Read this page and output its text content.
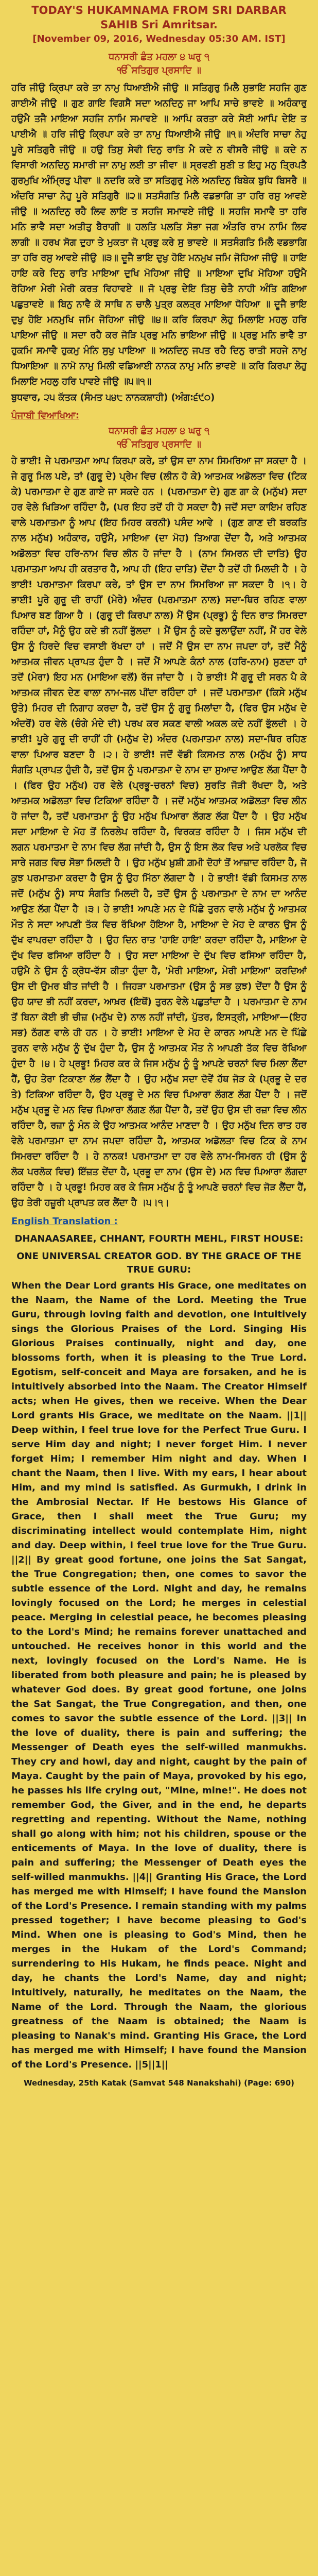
TODAY'S HUKAMNAMA FROM SRI DARBAR SAHIB Sri Amritsar.

[November 09, 2016, Wednesday 05:30 AM. IST]

ਧਨਾਸਰੀ ਛੰਤ ਮਹਲਾ ੪ ਘਰੁ ੧

ੴ ਸਤਿਗੁਰ ਪ੍ਰਸਾਦਿ ॥

ਹਰਿ ਜੀਉ ਕ੍ਰਿਪਾ ਕਰੇ ਤਾ ਨਾਮੁ ਧਿਆਈਐ ਜੀਉ ॥ ਸਤਿਗੁਰੁ ਮਿਲੈ ਸੁਭਾਇ ਸਹਜਿ ਗੁਣ ਗਾਈਐ ਜੀਉ ॥ ਗੁਣ ਗਾਇ ਵਿਗਸੈ ਸਦਾ ਅਨਦਿਨੁ ਜਾ ਆਪਿ ਸਾਚੇ ਭਾਵਏ ॥ ਅਹੰਕਾਰੁ ਹਉਮੈ ਤਜੈ ਮਾਇਆ ਸਹਜਿ ਨਾਮਿ ਸਮਾਵਏ ॥ ਆਪਿ ਕਰਤਾ ਕਰੇ ਸੋਈ ਆਪਿ ਦੇਇ ਤ ਪਾਈਐ ॥ ਹਰਿ ਜੀਉ ਕ੍ਰਿਪਾ ਕਰੇ ਤਾ ਨਾਮੁ ਧਿਆਈਐ ਜੀਉ ॥੧॥ ਅੰਦਰਿ ਸਾਚਾ ਨੇਹੁ ਪੂਰੇ ਸਤਿਗੁਰੈ ਜੀਉ ॥ ਹਉ ਤਿਸੁ ਸੇਵੀ ਦਿਨੁ ਰਾਤਿ ਮੈ ਕਦੇ ਨ ਵੀਸਰੈ ਜੀਉ ॥ ਕਦੇ ਨ ਵਿਸਾਰੀ ਅਨਦਿਨੁ ਸਮਾਰੀ ਜਾ ਨਾਮੁ ਲਈ ਤਾ ਜੀਵਾ ॥ ਸ੍ਰਵਣੀ ਸੁਣੀ ਤ ਇਹੁ ਮਨੁ ਤ੍ਰਿਪਤੈ ਗੁਰਮੁਖਿ ਅੰਮ੍ਰਿਤੁ ਪੀਵਾ ॥ ਨਦਰਿ ਕਰੇ ਤਾ ਸਤਿਗੁਰੁ ਮੇਲੇ ਅਨਦਿਨੁ ਬਿਬੇਕ ਬੁਧਿ ਬਿਸਰੈ ॥ ਅੰਦਰਿ ਸਾਚਾ ਨੇਹੁ ਪੂਰੇ ਸਤਿਗੁਰੈ ॥੨॥ ਸਤਸੰਗਤਿ ਮਿਲੈ ਵਡਭਾਗਿ ਤਾ ਹਰਿ ਰਸੁ ਆਵਏ ਜੀਉ ॥ ਅਨਦਿਨੁ ਰਹੈ ਲਿਵ ਲਾਇ ਤ ਸਹਜਿ ਸਮਾਵਏ ਜੀਉ ॥ ਸਹਜਿ ਸਮਾਵੈ ਤਾ ਹਰਿ ਮਨਿ ਭਾਵੈ ਸਦਾ ਅਤੀਤੁ ਬੈਰਾਗੀ ॥ ਹਲਤਿ ਪਲਤਿ ਸੋਭਾ ਜਗ ਅੰਤਰਿ ਰਾਮ ਨਾਮਿ ਲਿਵ ਲਾਗੀ ॥ ਹਰਖ ਸੋਗ ਦੁਹਾ ਤੇ ਮੁਕਤਾ ਜੋ ਪ੍ਰਭੁ ਕਰੇ ਸੁ ਭਾਵਏ ॥ ਸਤਸੰਗਤਿ ਮਿਲੈ ਵਡਭਾਗਿ ਤਾ ਹਰਿ ਰਸੁ ਆਵਏ ਜੀਉ ॥੩॥ ਦੂਜੈ ਭਾਇ ਦੁਖੁ ਹੋਇ ਮਨਮੁਖ ਜਮਿ ਜੋਹਿਆ ਜੀਉ ॥ ਹਾਇ ਹਾਇ ਕਰੇ ਦਿਨੁ ਰਾਤਿ ਮਾਇਆ ਦੁਖਿ ਮੋਹਿਆ ਜੀਉ ॥ ਮਾਇਆ ਦੁਖਿ ਮੋਹਿਆ ਹਉਮੈ ਰੋਹਿਆ ਮੇਰੀ ਮੇਰੀ ਕਰਤ ਵਿਹਾਵਏ ॥ ਜੋ ਪ੍ਰਭੁ ਦੇਇ ਤਿਸੁ ਚੇਤੈ ਨਾਹੀ ਅੰਤਿ ਗਇਆ ਪਛੁਤਾਵਏ ॥ ਬਿਨੁ ਨਾਵੈ ਕੋ ਸਾਥਿ ਨ ਚਾਲੈ ਪੁਤ੍ਰ ਕਲਤ੍ਰ ਮਾਇਆ ਧੋਹਿਆ ॥ ਦੂਜੈ ਭਾਇ ਦੁਖੁ ਹੋਇ ਮਨਮੁਖਿ ਜਮਿ ਜੋਹਿਆ ਜੀਉ ॥੪॥ ਕਰਿ ਕਿਰਪਾ ਲੇਹੁ ਮਿਲਾਇ ਮਹਲੁ ਹਰਿ ਪਾਇਆ ਜੀਉ ॥ ਸਦਾ ਰਹੈ ਕਰ ਜੋੜਿ ਪ੍ਰਭੁ ਮਨਿ ਭਾਇਆ ਜੀਉ ॥ ਪ੍ਰਭੁ ਮਨਿ ਭਾਵੈ ਤਾ ਹੁਕਮਿ ਸਮਾਵੈ ਹੁਕਮੁ ਮੰਨਿ ਸੁਖੁ ਪਾਇਆ ॥ ਅਨਦਿਨੁ ਜਪਤ ਰਹੈ ਦਿਨੁ ਰਾਤੀ ਸਹਜੇ ਨਾਮੁ ਧਿਆਇਆ ॥ ਨਾਮੋ ਨਾਮੁ ਮਿਲੀ ਵਡਿਆਈ ਨਾਨਕ ਨਾਮੁ ਮਨਿ ਭਾਵਏ ॥ ਕਰਿ ਕਿਰਪਾ ਲੇਹੁ ਮਿਲਾਇ ਮਹਲੁ ਹਰਿ ਪਾਵਏ ਜੀਉ ॥੫॥੧॥

ਬੁਧਵਾਰ, ੨੫ ਕੱਤਕ (ਸੰਮਤ ੫੪੮ ਨਾਨਕਸ਼ਾਹੀ) (ਅੰਗ:੬੯੦)

ਪੰਜਾਬੀ ਵਿਆਖਿਆ:

ਧਨਾਸਰੀ ਛੰਤ ਮਹਲਾ ੪ ਘਰੁ ੧

ੴ ਸਤਿਗੁਰ ਪ੍ਰਸਾਦਿ ॥

ਹੇ ਭਾਈ! ਜੇ ਪਰਮਾਤਮਾ ਆਪ ਕਿਰਪਾ ਕਰੇ, ਤਾਂ ਉਸ ਦਾ ਨਾਮ ਸਿਮਰਿਆ ਜਾ ਸਕਦਾ ਹੈ । ਜੇ ਗੁਰੂ ਮਿਲ ਪਏ, ਤਾਂ (ਗੁਰੂ ਦੇ) ਪ੍ਰੇਮ ਵਿਚ (ਲੀਨ ਹੋ ਕੇ) ਆਤਮਕ ਅਡੋਲਤਾ ਵਿਚ (ਟਿਕ ਕੇ) ਪਰਮਾਤਮਾ ਦੇ ਗੁਣ ਗਾਏ ਜਾ ਸਕਦੇ ਹਨ । (ਪਰਮਾਤਮਾ ਦੇ) ਗੁਣ ਗਾ ਕੇ (ਮਨੁੱਖ) ਸਦਾ ਹਰ ਵੇਲੇ ਖਿੜਿਆ ਰਹਿੰਦਾ ਹੈ, (ਪਰ ਇਹ ਤਦੋਂ ਹੀ ਹੋ ਸਕਦਾ ਹੈ) ਜਦੋਂ ਸਦਾ ਕਾਇਮ ਰਹਿਣ ਵਾਲੇ ਪਰਮਾਤਮਾ ਨੂੰ ਆਪ (ਇਹ ਮਿਹਰ ਕਰਨੀ) ਪਸੰਦ ਆਵੇ । (ਗੁਣ ਗਾਣ ਦੀ ਬਰਕਤਿ ਨਾਲ ਮਨੁੱਖ) ਅਹੰਕਾਰ, ਹਉਮੈ, ਮਾਇਆ (ਦਾ ਮੋਹ) ਤਿਆਗ ਦੇਂਦਾ ਹੈ, ਅਤੇ ਆਤਮਕ ਅਡੋਲਤਾ ਵਿਚ ਹਰਿ-ਨਾਮ ਵਿਚ ਲੀਨ ਹੋ ਜਾਂਦਾ ਹੈ । (ਨਾਮ ਸਿਮਰਨ ਦੀ ਦਾਤਿ) ਉਹ ਪਰਮਾਤਮਾ ਆਪ ਹੀ ਕਰਤਾਰ ਹੈ, ਆਪ ਹੀ (ਇਹ ਦਾਤਿ) ਦੇਂਦਾ ਹੈ ਤਦੋਂ ਹੀ ਮਿਲਦੀ ਹੈ । ਹੇ ਭਾਈ! ਪਰਮਾਤਮਾ ਕਿਰਪਾ ਕਰੇ, ਤਾਂ ਉਸ ਦਾ ਨਾਮ ਸਿਮਰਿਆ ਜਾ ਸਕਦਾ ਹੈ ।੧। ਹੇ ਭਾਈ! ਪੂਰੇ ਗੁਰੂ ਦੀ ਰਾਹੀਂ (ਮੇਰੇ) ਅੰਦਰ (ਪਰਮਾਤਮਾ ਨਾਲ) ਸਦਾ-ਥਿਰ ਰਹਿਣ ਵਾਲਾ ਪਿਆਰ ਬਣ ਗਿਆ ਹੈ । (ਗੁਰੂ ਦੀ ਕਿਰਪਾ ਨਾਲ) ਮੈਂ ਉਸ (ਪ੍ਰਭੂ) ਨੂੰ ਦਿਨ ਰਾਤ ਸਿਮਰਦਾ ਰਹਿੰਦਾ ਹਾਂ, ਮੈਨੂੰ ਉਹ ਕਦੇ ਭੀ ਨਹੀਂ ਭੁੱਲਦਾ । ਮੈਂ ਉਸ ਨੂੰ ਕਦੇ ਭੁਲਾਉਂਦਾ ਨਹੀਂ, ਮੈਂ ਹਰ ਵੇਲੇ ਉਸ ਨੂੰ ਹਿਰਦੇ ਵਿਚ ਵਸਾਈ ਰੱਖਦਾ ਹਾਂ । ਜਦੋਂ ਮੈਂ ਉਸ ਦਾ ਨਾਮ ਜਪਦਾ ਹਾਂ, ਤਦੋਂ ਮੈਨੂੰ ਆਤਮਕ ਜੀਵਨ ਪ੍ਰਾਪਤ ਹੁੰਦਾ ਹੈ । ਜਦੋਂ ਮੈਂ ਆਪਣੇ ਕੰਨਾਂ ਨਾਲ (ਹਰਿ-ਨਾਮ) ਸੁਣਦਾ ਹਾਂ ਤਦੋਂ (ਮੇਰਾ) ਇਹ ਮਨ (ਮਾਇਆ ਵਲੋਂ) ਰੱਜ ਜਾਂਦਾ ਹੈ । ਹੇ ਭਾਈ! ਮੈਂ ਗੁਰੂ ਦੀ ਸਰਨ ਪੈ ਕੇ ਆਤਮਕ ਜੀਵਨ ਦੇਣ ਵਾਲਾ ਨਾਮ-ਜਲ ਪੀਂਦਾ ਰਹਿੰਦਾ ਹਾਂ । ਜਦੋਂ ਪਰਮਾਤਮਾ (ਕਿਸੇ ਮਨੁੱਖ ਉਤੇ) ਮਿਹਰ ਦੀ ਨਿਗਾਹ ਕਰਦਾ ਹੈ, ਤਦੋਂ ਉਸ ਨੂੰ ਗੁਰੂ ਮਿਲਾਂਦਾ ਹੈ, (ਫਿਰ ਉਸ ਮਨੁੱਖ ਦੇ ਅੰਦਰੋਂ) ਹਰ ਵੇਲੇ (ਚੰਗੇ ਮੰਦੇ ਦੀ) ਪਰਖ ਕਰ ਸਕਣ ਵਾਲੀ ਅਕਲ ਕਦੇ ਨਹੀਂ ਭੁੱਲਦੀ । ਹੇ ਭਾਈ! ਪੂਰੇ ਗੁਰੂ ਦੀ ਰਾਹੀਂ ਹੀ (ਮਨੁੱਖ ਦੇ) ਅੰਦਰ (ਪਰਮਾਤਮਾ ਨਾਲ) ਸਦਾ-ਥਿਰ ਰਹਿਣ ਵਾਲਾ ਪਿਆਰ ਬਣਦਾ ਹੈ ।੨। ਹੇ ਭਾਈ! ਜਦੋਂ ਵੱਡੀ ਕਿਸਮਤ ਨਾਲ (ਮਨੁੱਖ ਨੂੰ) ਸਾਧ ਸੰਗਤਿ ਪ੍ਰਾਪਤ ਹੁੰਦੀ ਹੈ, ਤਦੋਂ ਉਸ ਨੂੰ ਪਰਮਾਤਮਾ ਦੇ ਨਾਮ ਦਾ ਸੁਆਦ ਆਉਣ ਲੱਗ ਪੈਂਦਾ ਹੈ । (ਫਿਰ ਉਹ ਮਨੁੱਖ) ਹਰ ਵੇਲੇ (ਪ੍ਰਭੂ-ਚਰਨਾਂ ਵਿਚ) ਸੁਰਤਿ ਜੋੜੀ ਰੱਖਦਾ ਹੈ, ਅਤੇ ਆਤਮਕ ਅਡੋਲਤਾ ਵਿਚ ਟਿਕਿਆ ਰਹਿੰਦਾ ਹੈ । ਜਦੋਂ ਮਨੁੱਖ ਆਤਮਕ ਅਡੋਲਤਾ ਵਿਚ ਲੀਨ ਹੋ ਜਾਂਦਾ ਹੈ, ਤਦੋਂ ਪਰਮਾਤਮਾ ਨੂੰ ਉਹ ਮਨੁੱਖ ਪਿਆਰਾ ਲੱਗਣ ਲੱਗ ਪੈਂਦਾ ਹੈ । ਉਹ ਮਨੁੱਖ ਸਦਾ ਮਾਇਆ ਦੇ ਮੋਹ ਤੋਂ ਨਿਰਲੇਪ ਰਹਿੰਦਾ ਹੈ, ਵਿਰਕਤ ਰਹਿੰਦਾ ਹੈ । ਜਿਸ ਮਨੁੱਖ ਦੀ ਲਗਨ ਪਰਮਾਤਮਾ ਦੇ ਨਾਮ ਵਿਚ ਲੱਗ ਜਾਂਦੀ ਹੈ, ਉਸ ਨੂੰ ਇਸ ਲੋਕ ਵਿਚ ਅਤੇ ਪਰਲੋਕ ਵਿਚ ਸਾਰੇ ਜਗਤ ਵਿਚ ਸੋਭਾ ਮਿਲਦੀ ਹੈ । ਉਹ ਮਨੁੱਖ ਖ਼ੁਸ਼ੀ ਗ਼ਮੀ ਦੋਹਾਂ ਤੋਂ ਆਜ਼ਾਦ ਰਹਿੰਦਾ ਹੈ, ਜੋ ਕੁਝ ਪਰਮਾਤਮਾ ਕਰਦਾ ਹੈ ਉਸ ਨੂੰ ਉਹ ਮਿੱਠਾ ਲੱਗਦਾ ਹੈ । ਹੇ ਭਾਈ! ਵੱਡੀ ਕਿਸਮਤ ਨਾਲ ਜਦੋਂ (ਮਨੁੱਖ ਨੂੰ) ਸਾਧ ਸੰਗਤਿ ਮਿਲਦੀ ਹੈ, ਤਦੋਂ ਉਸ ਨੂੰ ਪਰਮਾਤਮਾ ਦੇ ਨਾਮ ਦਾ ਆਨੰਦ ਆਉਣ ਲੱਗ ਪੈਂਦਾ ਹੈ ।੩। ਹੇ ਭਾਈ! ਆਪਣੇ ਮਨ ਦੇ ਪਿੱਛੇ ਤੁਰਨ ਵਾਲੇ ਮਨੁੱਖ ਨੂੰ ਆਤਮਕ ਮੌਤ ਨੇ ਸਦਾ ਆਪਣੀ ਤੱਕ ਵਿਚ ਰੱਖਿਆ ਹੋਇਆ ਹੈ, ਮਾਇਆ ਦੇ ਮੋਹ ਦੇ ਕਾਰਨ ਉਸ ਨੂੰ ਦੁੱਖ ਵਾਪਰਦਾ ਰਹਿੰਦਾ ਹੈ । ਉਹ ਦਿਨ ਰਾਤ 'ਹਾਇ ਹਾਇ' ਕਰਦਾ ਰਹਿੰਦਾ ਹੈ, ਮਾਇਆ ਦੇ ਦੁੱਖ ਵਿਚ ਫਸਿਆ ਰਹਿੰਦਾ ਹੈ । ਉਹ ਸਦਾ ਮਾਇਆ ਦੇ ਦੁੱਖ ਵਿਚ ਫਸਿਆ ਰਹਿੰਦਾ ਹੈ, ਹਉਮੈ ਨੇ ਉਸ ਨੂੰ ਕ੍ਰੋਧ-ਵੱਸ ਕੀਤਾ ਹੁੰਦਾ ਹੈ, 'ਮੇਰੀ ਮਾਇਆ, ਮੇਰੀ ਮਾਇਆ' ਕਰਦਿਆਂ ਉਸ ਦੀ ਉਮਰ ਬੀਤ ਜਾਂਦੀ ਹੈ । ਜਿਹੜਾ ਪਰਮਾਤਮਾ (ਉਸ ਨੂੰ ਸਭ ਕੁਝ) ਦੇਂਦਾ ਹੈ ਉਸ ਨੂੰ ਉਹ ਯਾਦ ਭੀ ਨਹੀਂ ਕਰਦਾ, ਆਖ਼ਰ (ਇਥੋਂ) ਤੁਰਨ ਵੇਲੇ ਪਛੁਤਾਂਦਾ ਹੈ । ਪਰਮਾਤਮਾ ਦੇ ਨਾਮ ਤੋਂ ਬਿਨਾ ਕੋਈ ਭੀ ਚੀਜ਼ (ਮਨੁੱਖ ਦੇ) ਨਾਲ ਨਹੀਂ ਜਾਂਦੀ, ਪੁੱਤਰ, ਇਸਤ੍ਰੀ, ਮਾਇਆ—(ਇਹ ਸਭ) ਠੱਗਣ ਵਾਲੇ ਹੀ ਹਨ । ਹੇ ਭਾਈ! ਮਾਇਆ ਦੇ ਮੋਹ ਦੇ ਕਾਰਨ ਆਪਣੇ ਮਨ ਦੇ ਪਿੱਛੇ ਤੁਰਨ ਵਾਲੇ ਮਨੁੱਖ ਨੂੰ ਦੁੱਖ ਹੁੰਦਾ ਹੈ, ਉਸ ਨੂੰ ਆਤਮਕ ਮੌਤ ਨੇ ਆਪਣੀ ਤੱਕ ਵਿਚ ਰੱਖਿਆ ਹੁੰਦਾ ਹੈ ।੪। ਹੇ ਪ੍ਰਭੂ! ਮਿਹਰ ਕਰ ਕੇ ਜਿਸ ਮਨੁੱਖ ਨੂੰ ਤੂੰ ਆਪਣੇ ਚਰਨਾਂ ਵਿਚ ਮਿਲਾ ਲੈਂਦਾ ਹੈਂ, ਉਹ ਤੇਰਾ ਟਿਕਾਣਾ ਲੱਭ ਲੈਂਦਾ ਹੈ । ਉਹ ਮਨੁੱਖ ਸਦਾ ਦੋਵੇਂ ਹੱਥ ਜੋੜ ਕੇ (ਪ੍ਰਭੂ ਦੇ ਦਰ ਤੇ) ਟਿਕਿਆ ਰਹਿੰਦਾ ਹੈ, ਉਹ ਪ੍ਰਭੂ ਦੇ ਮਨ ਵਿਚ ਪਿਆਰਾ ਲੱਗਣ ਲੱਗ ਪੈਂਦਾ ਹੈ । ਜਦੋਂ ਮਨੁੱਖ ਪ੍ਰਭੂ ਦੇ ਮਨ ਵਿਚ ਪਿਆਰਾ ਲੱਗਣ ਲੱਗ ਪੈਂਦਾ ਹੈ, ਤਦੋਂ ਉਹ ਉਸ ਦੀ ਰਜ਼ਾ ਵਿਚ ਲੀਨ ਰਹਿੰਦਾ ਹੈ, ਰਜ਼ਾ ਨੂੰ ਮੰਨ ਕੇ ਉਹ ਆਤਮਕ ਆਨੰਦ ਮਾਣਦਾ ਹੈ । ਉਹ ਮਨੁੱਖ ਦਿਨ ਰਾਤ ਹਰ ਵੇਲੇ ਪਰਮਾਤਮਾ ਦਾ ਨਾਮ ਜਪਦਾ ਰਹਿੰਦਾ ਹੈ, ਆਤਮਕ ਅਡੋਲਤਾ ਵਿਚ ਟਿਕ ਕੇ ਨਾਮ ਸਿਮਰਦਾ ਰਹਿੰਦਾ ਹੈ । ਹੇ ਨਾਨਕ! ਪਰਮਾਤਮਾ ਦਾ ਹਰ ਵੇਲੇ ਨਾਮ-ਸਿਮਰਨ ਹੀ (ਉਸ ਨੂੰ ਲੋਕ ਪਰਲੋਕ ਵਿਚ) ਇੱਜ਼ਤ ਦੇਂਦਾ ਹੈ, ਪ੍ਰਭੂ ਦਾ ਨਾਮ (ਉਸ ਦੇ) ਮਨ ਵਿਚ ਪਿਆਰਾ ਲੱਗਦਾ ਰਹਿੰਦਾ ਹੈ । ਹੇ ਪ੍ਰਭੂ! ਮਿਹਰ ਕਰ ਕੇ ਜਿਸ ਮਨੁੱਖ ਨੂੰ ਤੂੰ ਆਪਣੇ ਚਰਨਾਂ ਵਿਚ ਜੋੜ ਲੈਂਦਾ ਹੈਂ, ਉਹ ਤੇਰੀ ਹਜ਼ੂਰੀ ਪ੍ਰਾਪਤ ਕਰ ਲੈਂਦਾ ਹੈ ।੫।੧।

English Translation :

DHANAASAREE, CHHANT, FOURTH MEHL, FIRST HOUSE:

ONE UNIVERSAL CREATOR GOD. BY THE GRACE OF THE TRUE GURU:

When the Dear Lord grants His Grace, one meditates on the Naam, the Name of the Lord. Meeting the True Guru, through loving faith and devotion, one intuitively sings the Glorious Praises of the Lord. Singing His Glorious Praises continually, night and day, one blossoms forth, when it is pleasing to the True Lord. Egotism, self-conceit and Maya are forsaken, and he is intuitively absorbed into the Naam. The Creator Himself acts; when He gives, then we receive. When the Dear Lord grants His Grace, we meditate on the Naam. ||1|| Deep within, I feel true love for the Perfect True Guru. I serve Him day and night; I never forget Him. I never forget Him; I remember Him night and day. When I chant the Naam, then I live. With my ears, I hear about Him, and my mind is satisfied. As Gurmukh, I drink in the Ambrosial Nectar. If He bestows His Glance of Grace, then I shall meet the True Guru; my discriminating intellect would contemplate Him, night and day. Deep within, I feel true love for the True Guru. ||2|| By great good fortune, one joins the Sat Sangat, the True Congregation; then, one comes to savor the subtle essence of the Lord. Night and day, he remains lovingly focused on the Lord; he merges in celestial peace. Merging in celestial peace, he becomes pleasing to the Lord's Mind; he remains forever unattached and untouched. He receives honor in this world and the next, lovingly focused on the Lord's Name. He is liberated from both pleasure and pain; he is pleased by whatever God does. By great good fortune, one joins the Sat Sangat, the True Congregation, and then, one comes to savor the subtle essence of the Lord. ||3|| In the love of duality, there is pain and suffering; the Messenger of Death eyes the self-willed manmukhs. They cry and howl, day and night, caught by the pain of Maya. Caught by the pain of Maya, provoked by his ego, he passes his life crying out, "Mine, mine!". He does not remember God, the Giver, and in the end, he departs regretting and repenting. Without the Name, nothing shall go along with him; not his children, spouse or the enticements of Maya. In the love of duality, there is pain and suffering; the Messenger of Death eyes the self-willed manmukhs. ||4|| Granting His Grace, the Lord has merged me with Himself; I have found the Mansion of the Lord's Presence. I remain standing with my palms pressed together; I have become pleasing to God's Mind. When one is pleasing to God's Mind, then he merges in the Hukam of the Lord's Command; surrendering to His Hukam, he finds peace. Night and day, he chants the Lord's Name, day and night; intuitively, naturally, he meditates on the Naam, the Name of the Lord. Through the Naam, the glorious greatness of the Naam is obtained; the Naam is pleasing to Nanak's mind. Granting His Grace, the Lord has merged me with Himself; I have found the Mansion of the Lord's Presence. ||5||1||

Wednesday, 25th Katak (Samvat 548 Nanakshahi) (Page: 690)
